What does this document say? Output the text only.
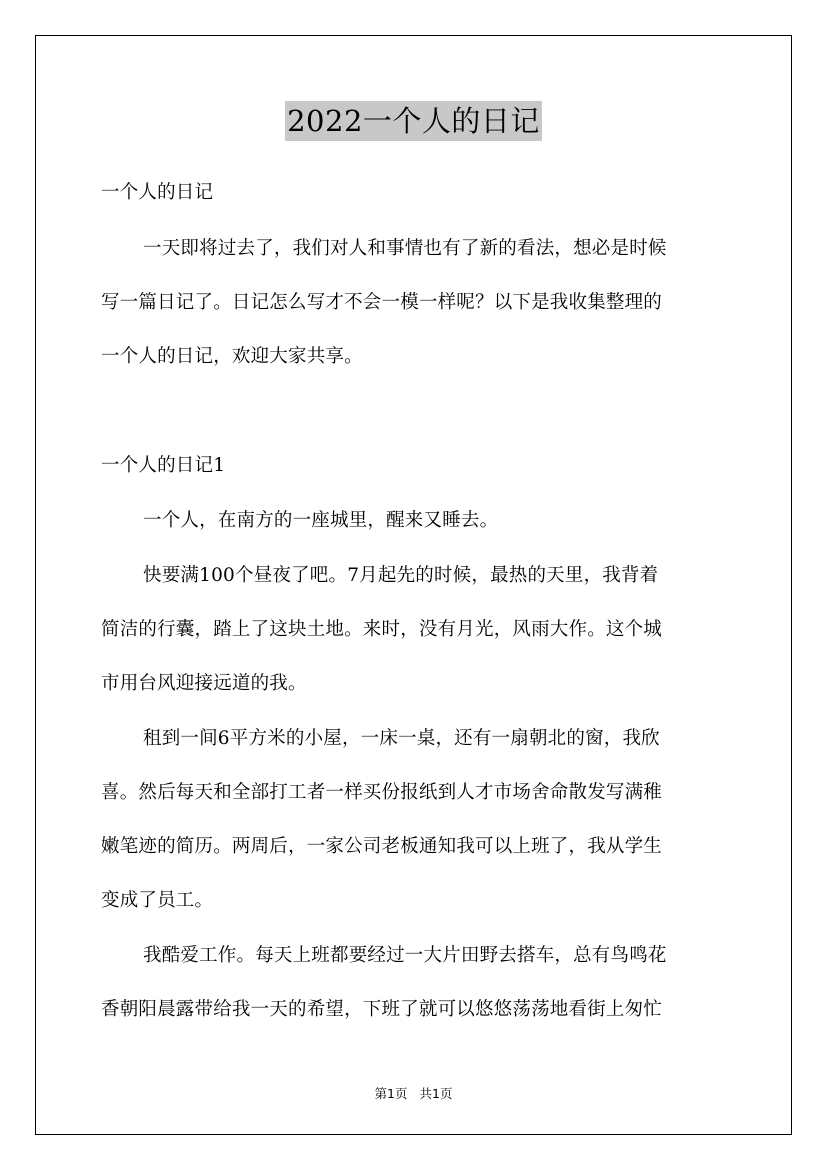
2022一个人的日记
一个人的日记
一天即将过去了，我们对人和事情也有了新的看法，想必是时候
写一篇日记了。日记怎么写才不会一模一样呢？以下是我收集整理的
一个人的日记，欢迎大家共享。
一个人的日记1
一个人，在南方的一座城里，醒来又睡去。
快要满100个昼夜了吧。7月起先的时候，最热的天里，我背着
简洁的行囊，踏上了这块土地。来时，没有月光，风雨大作。这个城
市用台风迎接远道的我。
租到一间6平方米的小屋，一床一桌，还有一扇朝北的窗，我欣
喜。然后每天和全部打工者一样买份报纸到人才市场舍命散发写满稚
嫩笔迹的简历。两周后，一家公司老板通知我可以上班了，我从学生
变成了员工。
我酷爱工作。每天上班都要经过一大片田野去搭车，总有鸟鸣花
香朝阳晨露带给我一天的希望，下班了就可以悠悠荡荡地看街上匆忙
第1页 共1页
